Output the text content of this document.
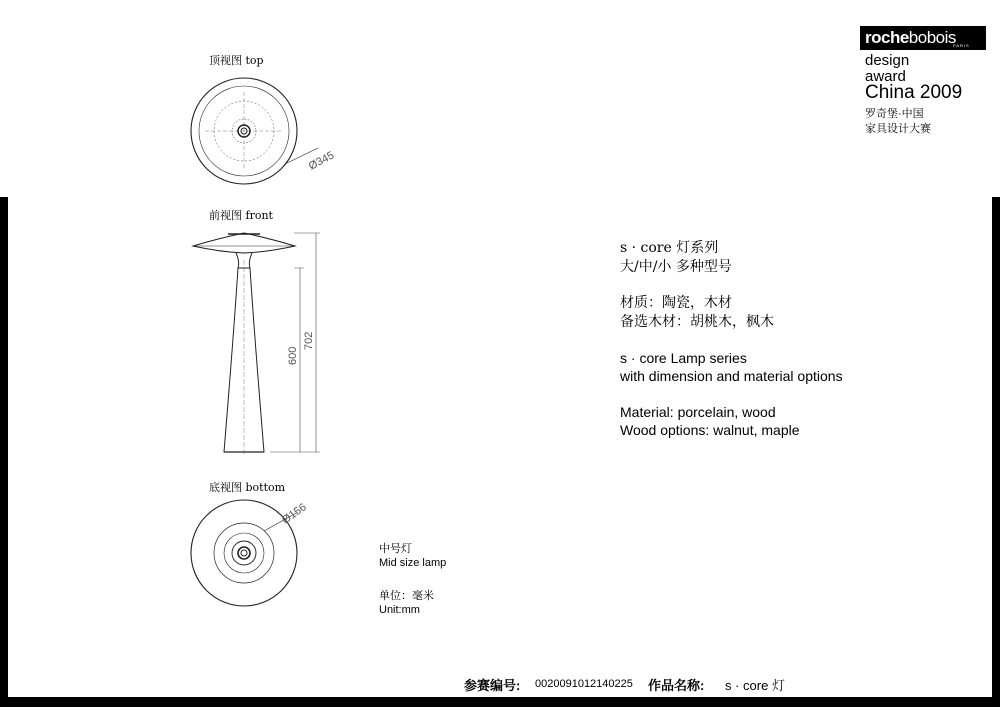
Ø345
600
702
Ø156
顶视图 top
前视图 front
底视图 bottom
rochebobois
PARIS
design
award
China 2009
罗奇堡·中国
家具设计大赛
s · core 灯系列
大/中/小 多种型号
材质：陶瓷，木材
备选木材：胡桃木，枫木
s · core Lamp series
with dimension and material options
Material: porcelain, wood
Wood options: walnut, maple
中号灯
Mid size lamp
单位：毫米
Unit:mm
参赛编号: 0020091012140225 作品名称: s · core 灯
